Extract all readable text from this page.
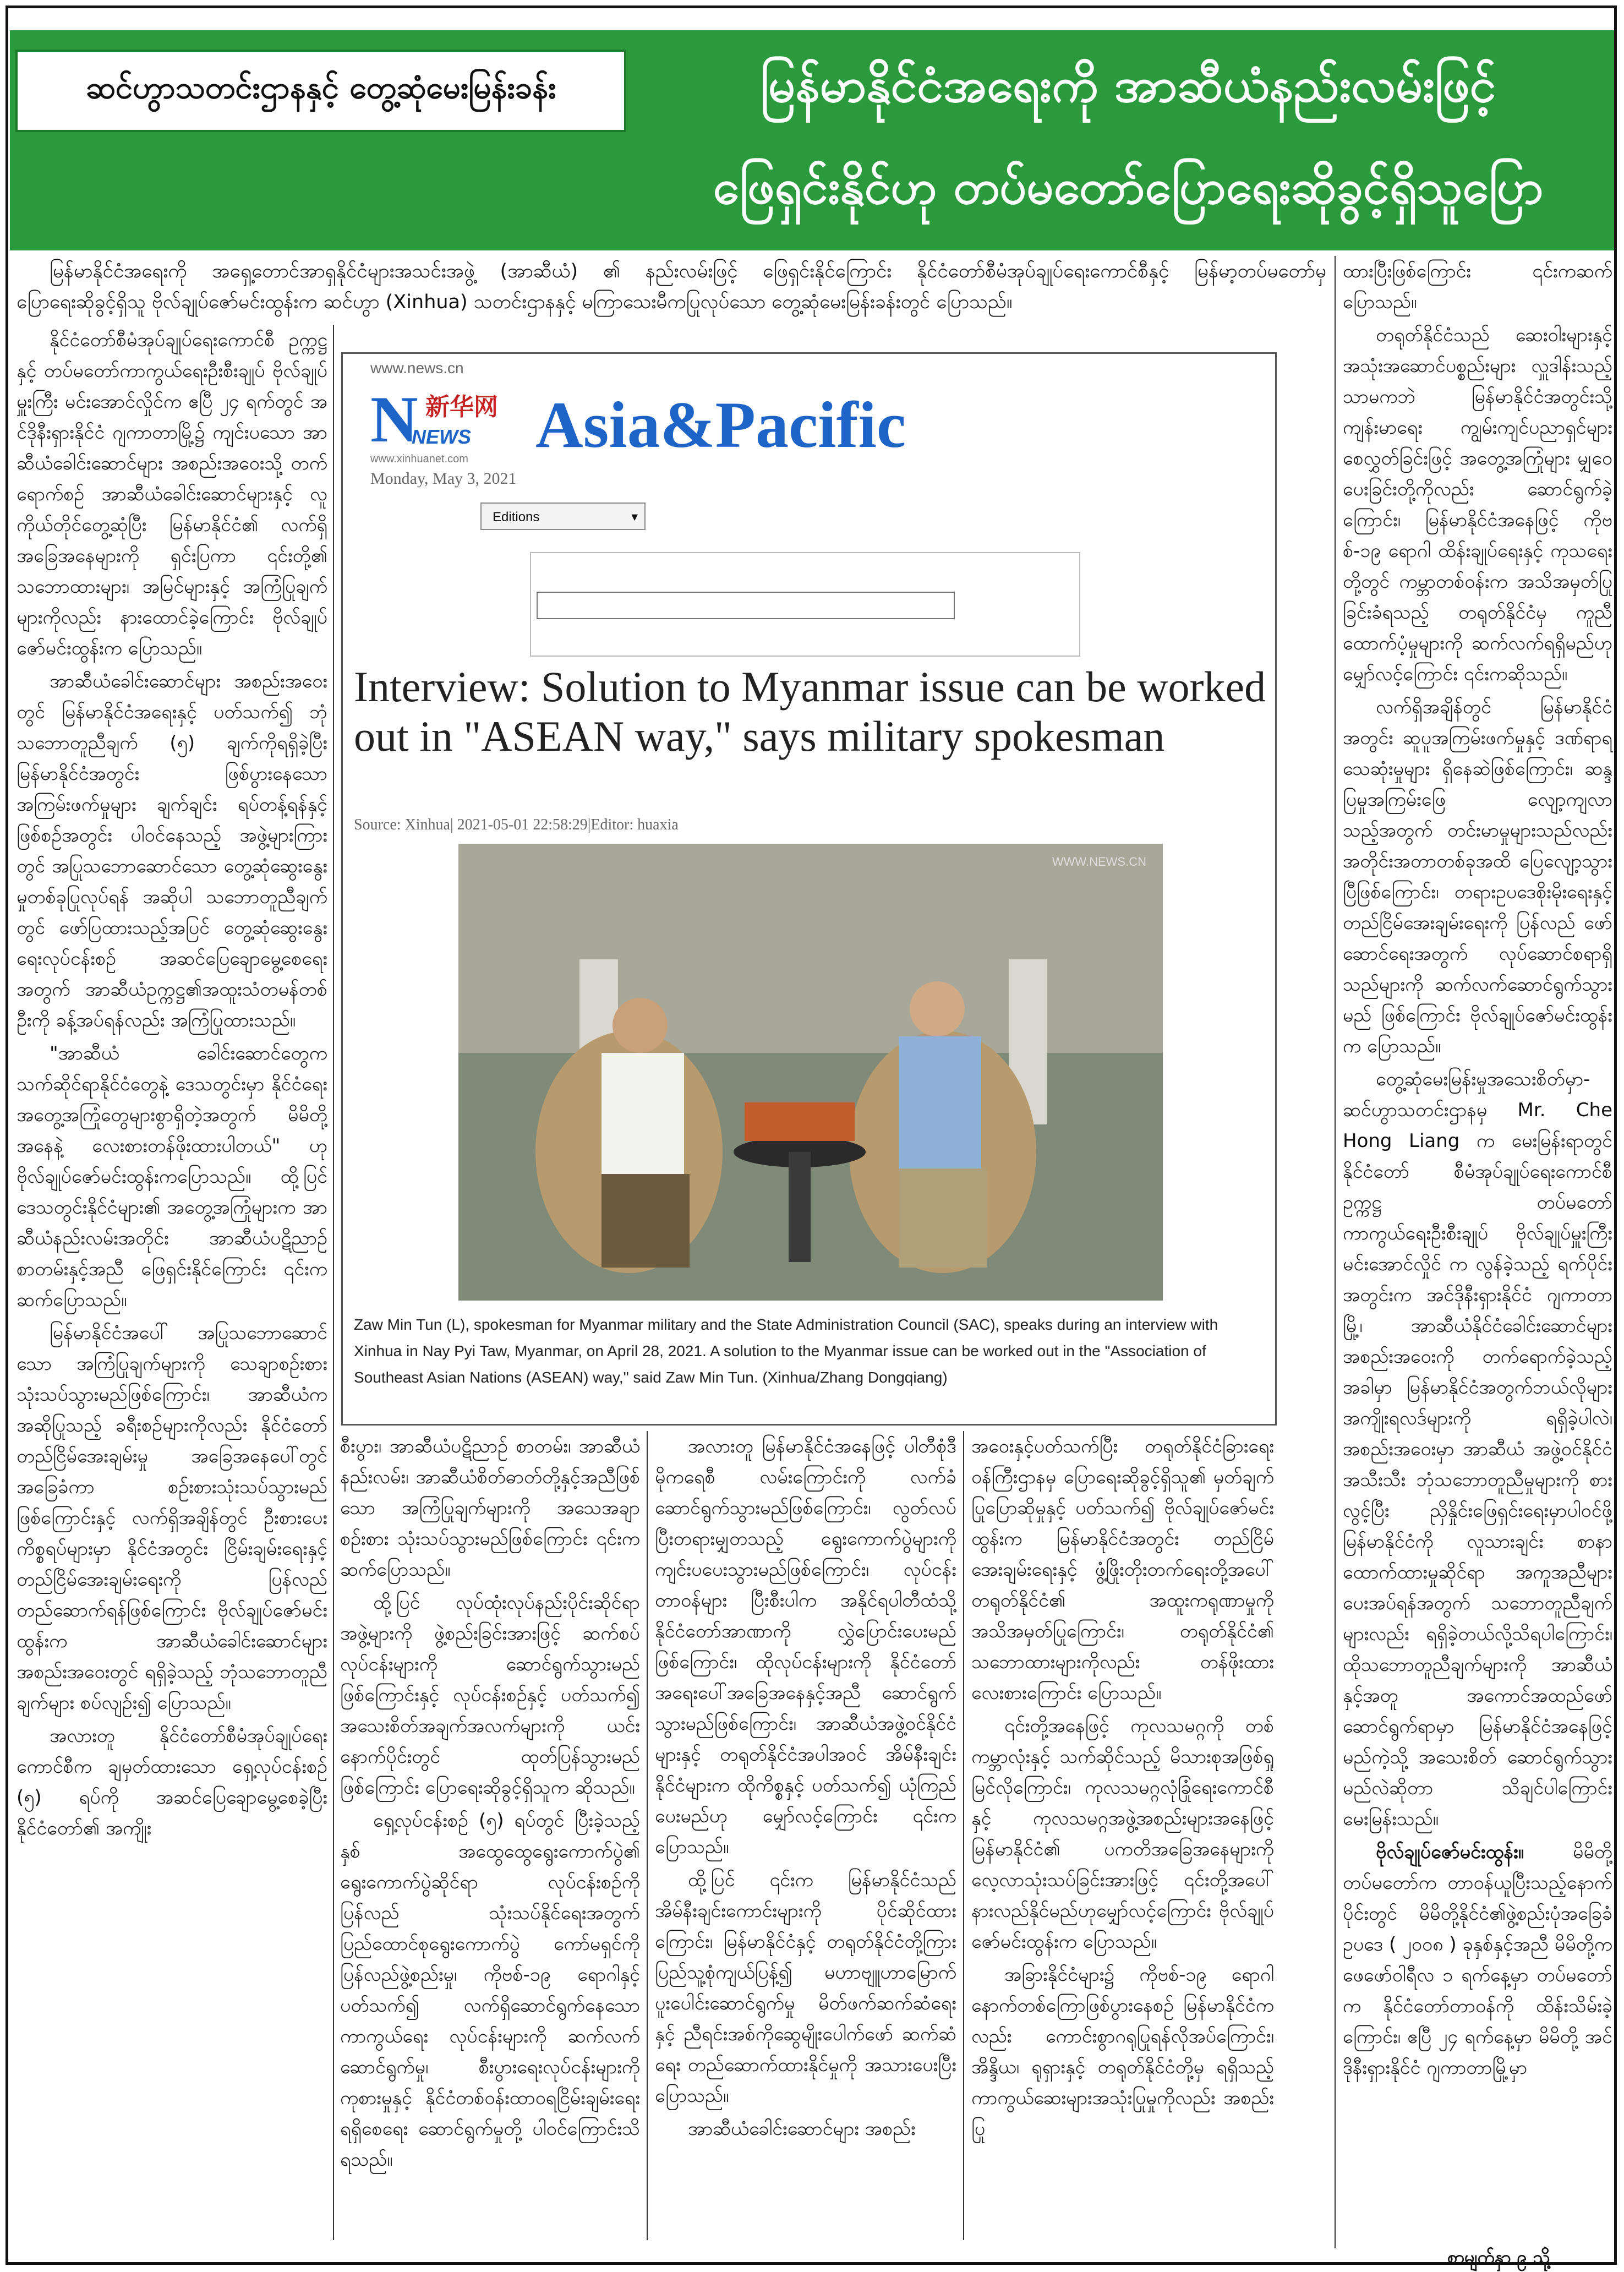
ဆင်ဟွာသတင်းဌာနနှင့် တွေ့ဆုံမေးမြန်းခန်း	မြန်မာနိုင်ငံအရေးကို အာဆီယံနည်းလမ်းဖြင့်
ဖြေရှင်းနိုင်ဟု တပ်မတော်ပြောရေးဆိုခွင့်ရှိသူပြော
မြန်မာနိုင်ငံအရေးကို အရှေ့တောင်အာရှနိုင်ငံများအသင်းအဖွဲ့ (အာဆီယံ) ၏ နည်းလမ်းဖြင့် ဖြေရှင်းနိုင်ကြောင်း နိုင်ငံတော်စီမံအုပ်ချုပ်ရေးကောင်စီနှင့် မြန်မာ့တပ်မတော်မှ ပြောရေးဆိုခွင့်ရှိသူ ဗိုလ်ချုပ်ဇော်မင်းထွန်းက ဆင်ဟွာ (Xinhua) သတင်းဌာနနှင့် မကြာသေးမီကပြုလုပ်သော တွေ့ဆုံမေးမြန်းခန်းတွင် ပြောသည်။

နိုင်ငံတော်စီမံအုပ်ချုပ်ရေးကောင်စီ ဥက္ကဋ္ဌနှင့် တပ်မတော်ကာကွယ်ရေးဦးစီးချုပ် ဗိုလ်ချုပ်မှူးကြီး မင်းအောင်လှိုင်က ဧပြီ ၂၄ ရက်တွင် အင်ဒိုနီးရှားနိုင်ငံ ဂျကာတာမြို့၌ ကျင်းပသော အာဆီယံခေါင်းဆောင်များ အစည်းအဝေးသို့ တက်ရောက်စဉ် အာဆီယံခေါင်းဆောင်များနှင့် လူကိုယ်တိုင်တွေ့ဆုံပြီး မြန်မာနိုင်ငံ၏ လက်ရှိအခြေအနေများကို ရှင်းပြကာ ၎င်းတို့၏ သဘောထားများ၊ အမြင်များနှင့် အကြံပြုချက်များကိုလည်း နားထောင်ခဲ့ကြောင်း ဗိုလ်ချုပ် ဇော်မင်းထွန်းက ပြောသည်။

အာဆီယံခေါင်းဆောင်များ အစည်းအဝေးတွင် မြန်မာနိုင်ငံအရေးနှင့် ပတ်သက်၍ ဘုံသဘောတူညီချက် (၅) ချက်ကိုရရှိခဲ့ပြီး မြန်မာနိုင်ငံအတွင်း ဖြစ်ပွားနေသော အကြမ်းဖက်မှုများ ချက်ချင်း ရပ်တန့်ရန်နှင့် ဖြစ်စဉ်အတွင်း ပါဝင်နေသည့် အဖွဲ့များကြားတွင် အပြုသဘောဆောင်သော တွေ့ဆုံဆွေးနွေးမှုတစ်ခုပြုလုပ်ရန် အဆိုပါ သဘောတူညီချက်တွင် ဖော်ပြထားသည့်အပြင် တွေ့ဆုံဆွေးနွေးရေးလုပ်ငန်းစဉ် အဆင်ပြေချောမွေ့စေရေးအတွက် အာဆီယံဥက္ကဋ္ဌ၏အထူးသံတမန်တစ်ဦးကို ခန့်အပ်ရန်လည်း အကြံပြုထားသည်။

"အာဆီယံ ခေါင်းဆောင်တွေက သက်ဆိုင်ရာနိုင်ငံတွေနဲ့ ဒေသတွင်းမှာ နိုင်ငံရေး အတွေ့အကြုံတွေများစွာရှိတဲ့အတွက် မိမိတို့အနေနဲ့ လေးစားတန်ဖိုးထားပါတယ်" ဟု ဗိုလ်ချုပ်ဇော်မင်းထွန်းကပြောသည်။ ထို့ပြင် ဒေသတွင်းနိုင်ငံများ၏ အတွေ့အကြုံများက အာဆီယံနည်းလမ်းအတိုင်း အာဆီယံပဋိညာဉ် စာတမ်းနှင့်အညီ ဖြေရှင်းနိုင်ကြောင်း ၎င်းကဆက်ပြောသည်။

မြန်မာနိုင်ငံအပေါ် အပြုသဘောဆောင်သော အကြံပြုချက်များကို သေချာစဉ်းစား သုံးသပ်သွားမည်ဖြစ်ကြောင်း၊ အာဆီယံက အဆိုပြုသည့် ခရီးစဉ်များကိုလည်း နိုင်ငံတော်တည်ငြိမ်အေးချမ်းမှု အခြေအနေပေါ်တွင် အခြေခံကာ စဉ်းစားသုံးသပ်သွားမည်ဖြစ်ကြောင်းနှင့် လက်ရှိအချိန်တွင် ဦးစားပေးကိစ္စရပ်များမှာ နိုင်ငံအတွင်း ငြိမ်းချမ်းရေးနှင့် တည်ငြိမ်အေးချမ်းရေးကို ပြန်လည်တည်ဆောက်ရန်ဖြစ်ကြောင်း ဗိုလ်ချုပ်ဇော်မင်းထွန်းက အာဆီယံခေါင်းဆောင်များ အစည်းအဝေးတွင် ရရှိခဲ့သည့် ဘုံသဘောတူညီချက်များ စပ်လျဉ်း၍ ပြောသည်။

အလားတူ နိုင်ငံတော်စီမံအုပ်ချုပ်ရေးကောင်စီက ချမှတ်ထားသော ရှေ့လုပ်ငန်းစဉ် (၅) ရပ်ကို အဆင်ပြေချောမွေ့စေခဲ့ပြီး နိုင်ငံတော်၏ အကျိုး

www.news.cn
N 新华网
NEWS
www.xinhuanet.com
Monday, May 3, 2021
Asia&Pacific
Editions	▼
Interview: Solution to Myanmar issue can be worked out in "ASEAN way," says military spokesman
Source: Xinhua| 2021-05-01 22:58:29|Editor: huaxia
WWW.NEWS.CN
Zaw Min Tun (L), spokesman for Myanmar military and the State Administration Council (SAC), speaks during an interview with Xinhua in Nay Pyi Taw, Myanmar, on April 28, 2021. A solution to the Myanmar issue can be worked out in the "Association of Southeast Asian Nations (ASEAN) way," said Zaw Min Tun. (Xinhua/Zhang Dongqiang)

စီးပွား၊ အာဆီယံပဋိညာဉ် စာတမ်း၊ အာဆီယံနည်းလမ်း၊ အာဆီယံစိတ်ဓာတ်တို့နှင့်အညီဖြစ်သော အကြံပြုချက်များကို အသေအချာစဉ်းစား သုံးသပ်သွားမည်ဖြစ်ကြောင်း ၎င်းကဆက်ပြောသည်။

ထို့ပြင် လုပ်ထုံးလုပ်နည်းပိုင်းဆိုင်ရာ အဖွဲ့များကို ဖွဲ့စည်းခြင်းအားဖြင့် ဆက်စပ်လုပ်ငန်းများကို ဆောင်ရွက်သွားမည်ဖြစ်ကြောင်းနှင့် လုပ်ငန်းစဉ်နှင့် ပတ်သက်၍ အသေးစိတ်အချက်အလက်များကို ယင်းနောက်ပိုင်းတွင် ထုတ်ပြန်သွားမည်ဖြစ်ကြောင်း ပြောရေးဆိုခွင့်ရှိသူက ဆိုသည်။

ရှေ့လုပ်ငန်းစဉ် (၅) ရပ်တွင် ပြီးခဲ့သည့်နှစ် အထွေထွေရွေးကောက်ပွဲ၏ ရွေးကောက်ပွဲဆိုင်ရာ လုပ်ငန်းစဉ်ကို ပြန်လည် သုံးသပ်နိုင်ရေးအတွက် ပြည်ထောင်စုရွေးကောက်ပွဲ ကော်မရှင်ကို ပြန်လည်ဖွဲ့စည်းမှု၊ ကိုဗစ်-၁၉ ရောဂါနှင့်ပတ်သက်၍ လက်ရှိဆောင်ရွက်နေသော ကာကွယ်ရေး လုပ်ငန်းများကို ဆက်လက်ဆောင်ရွက်မှု၊ စီးပွားရေးလုပ်ငန်းများကို ကုစားမှုနှင့် နိုင်ငံတစ်ဝန်းထာဝရငြိမ်းချမ်းရေးရရှိစေရေး ဆောင်ရွက်မှုတို့ ပါဝင်ကြောင်းသိရသည်။

အလားတူ မြန်မာနိုင်ငံအနေဖြင့် ပါတီစုံဒီမိုကရေစီ လမ်းကြောင်းကို လက်ခံ ဆောင်ရွက်သွားမည်ဖြစ်ကြောင်း၊ လွတ်လပ်ပြီးတရားမျှတသည့် ရွေးကောက်ပွဲများကို ကျင်းပပေးသွားမည်ဖြစ်ကြောင်း၊ လုပ်ငန်းတာဝန်များ ပြီးစီးပါက အနိုင်ရပါတီထံသို့ နိုင်ငံတော်အာဏာကို လွှဲပြောင်းပေးမည်ဖြစ်ကြောင်း၊ ထိုလုပ်ငန်းများကို နိုင်ငံတော်အရေးပေါ်အခြေအနေနှင့်အညီ ဆောင်ရွက်သွားမည်ဖြစ်ကြောင်း၊ အာဆီယံအဖွဲ့ဝင်နိုင်ငံများနှင့် တရုတ်နိုင်ငံအပါအဝင် အိမ်နီးချင်းနိုင်ငံများက ထိုကိစ္စနှင့် ပတ်သက်၍ ယုံကြည်ပေးမည်ဟု မျှော်လင့်ကြောင်း ၎င်းကပြောသည်။

ထို့ပြင် ၎င်းက မြန်မာနိုင်ငံသည် အိမ်နီးချင်းကောင်းများကို ပိုင်ဆိုင်ထားကြောင်း၊ မြန်မာနိုင်ငံနှင့် တရုတ်နိုင်ငံတို့ကြား ပြည်သူ့စုံကျယ်ပြန့်၍ မဟာဗျူဟာမြောက် ပူးပေါင်းဆောင်ရွက်မှု မိတ်ဖက်ဆက်ဆံရေးနှင့် ညီရင်းအစ်ကိုဆွေမျိုးပေါက်ဖော် ဆက်ဆံရေး တည်ဆောက်ထားနိုင်မှုကို အသားပေးပြီးပြောသည်။

အာဆီယံခေါင်းဆောင်များ အစည်း

အဝေးနှင့်ပတ်သက်ပြီး တရုတ်နိုင်ငံခြားရေးဝန်ကြီးဌာနမှ ပြောရေးဆိုခွင့်ရှိသူ၏ မှတ်ချက်ပြုပြောဆိုမှုနှင့် ပတ်သက်၍ ဗိုလ်ချုပ်ဇော်မင်းထွန်းက မြန်မာနိုင်ငံအတွင်း တည်ငြိမ်အေးချမ်းရေးနှင့် ဖွံ့ဖြိုးတိုးတက်ရေးတို့အပေါ် တရုတ်နိုင်ငံ၏ အထူးကရုဏာမှုကို အသိအမှတ်ပြုကြောင်း၊ တရုတ်နိုင်ငံ၏ သဘောထားများကိုလည်း တန်ဖိုးထား လေးစားကြောင်း ပြောသည်။

၎င်းတို့အနေဖြင့် ကုလသမဂ္ဂကို တစ်ကမ္ဘာလုံးနှင့် သက်ဆိုင်သည့် မိသားစုအဖြစ်ရှုမြင်လိုကြောင်း၊ ကုလသမဂ္ဂလုံခြုံရေးကောင်စီနှင့် ကုလသမဂ္ဂအဖွဲ့အစည်းများအနေဖြင့် မြန်မာနိုင်ငံ၏ ပကတိအခြေအနေများကို လေ့လာသုံးသပ်ခြင်းအားဖြင့် ၎င်းတို့အပေါ် နားလည်နိုင်မည်ဟုမျှော်လင့်ကြောင်း ဗိုလ်ချုပ်ဇော်မင်းထွန်းက ပြောသည်။

အခြားနိုင်ငံများ၌ ကိုဗစ်-၁၉ ရောဂါနောက်တစ်ကြောဖြစ်ပွားနေစဉ် မြန်မာနိုင်ငံကလည်း ကောင်းစွာဂရုပြုရန်လိုအပ်ကြောင်း၊ အိန္ဒိယ၊ ရုရှားနှင့် တရုတ်နိုင်ငံတို့မှ ရရှိသည့်ကာကွယ်ဆေးများအသုံးပြုမှုကိုလည်း အစည်းပြု

ထားပြီးဖြစ်ကြောင်း ၎င်းကဆက်ပြောသည်။

တရုတ်နိုင်ငံသည် ဆေးဝါးများနှင့် အသုံးအဆောင်ပစ္စည်းများ လှူဒါန်းသည့်သာမကဘဲ မြန်မာနိုင်ငံအတွင်းသို့ ကျန်းမာရေး ကျွမ်းကျင်ပညာရှင်များ စေလွှတ်ခြင်းဖြင့် အတွေ့အကြုံများ မျှဝေပေးခြင်းတို့ကိုလည်း ဆောင်ရွက်ခဲ့ကြောင်း၊ မြန်မာနိုင်ငံအနေဖြင့် ကိုဗစ်-၁၉ ရောဂါ ထိန်းချုပ်ရေးနှင့် ကုသရေးတို့တွင် ကမ္ဘာတစ်ဝန်းက အသိအမှတ်ပြုခြင်းခံရသည့် တရုတ်နိုင်ငံမှ ကူညီထောက်ပံ့မှုများကို ဆက်လက်ရရှိမည်ဟုမျှော်လင့်ကြောင်း ၎င်းကဆိုသည်။

လက်ရှိအချိန်တွင် မြန်မာနိုင်ငံအတွင်း ဆူပူအကြမ်းဖက်မှုနှင့် ဒဏ်ရာရသေဆုံးမှုများ ရှိနေဆဲဖြစ်ကြောင်း၊ ဆန္ဒပြမှုအကြမ်းဖြေ လျော့ကျလာသည့်အတွက် တင်းမာမှုများသည်လည်း အတိုင်းအတာတစ်ခုအထိ ပြေလျော့သွားပြီဖြစ်ကြောင်း၊ တရားဥပဒေစိုးမိုးရေးနှင့် တည်ငြိမ်အေးချမ်းရေးကို ပြန်လည် ဖော်ဆောင်ရေးအတွက် လုပ်ဆောင်စရာရှိသည်များကို ဆက်လက်ဆောင်ရွက်သွားမည် ဖြစ်ကြောင်း ဗိုလ်ချုပ်ဇော်မင်းထွန်းက ပြောသည်။

တွေ့ဆုံမေးမြန်းမှုအသေးစိတ်မှာ- ဆင်ဟွာသတင်းဌာနမှ Mr. Che Hong Liang က မေးမြန်းရာတွင် နိုင်ငံတော် စီမံအုပ်ချုပ်ရေးကောင်စီ ဥက္ကဋ္ဌ တပ်မတော် ကာကွယ်ရေးဦးစီးချုပ် ဗိုလ်ချုပ်မှူးကြီး မင်းအောင်လှိုင် က လွန်ခဲ့သည့် ရက်ပိုင်းအတွင်းက အင်ဒိုနီးရှားနိုင်ငံ ဂျကာတာမြို့၊ အာဆီယံနိုင်ငံခေါင်းဆောင်များ အစည်းအဝေးကို တက်ရောက်ခဲ့သည့်အခါမှာ မြန်မာနိုင်ငံအတွက်ဘယ်လိုများအကျိုးရလဒ်များကို ရရှိခဲ့ပါလဲ၊ အစည်းအဝေးမှာ အာဆီယံ အဖွဲ့ဝင်နိုင်ငံအသီးသီး ဘုံသဘောတူညီမှုများကို စားလွင့်ပြီး ညှိနှိုင်းဖြေရှင်းရေးမှာပါဝင်ဖို့ မြန်မာနိုင်ငံကို လူသားချင်း စာနာထောက်ထားမှုဆိုင်ရာ အကူအညီများ ပေးအပ်ရန်အတွက် သဘောတူညီချက်များလည်း ရရှိခဲ့တယ်လို့သိရပါကြောင်း၊ ထိုသဘောတူညီချက်များကို အာဆီယံနှင့်အတူ အကောင်အထည်ဖော် ဆောင်ရွက်ရာမှာ မြန်မာနိုင်ငံအနေဖြင့် မည်ကဲ့သို့ အသေးစိတ် ဆောင်ရွက်သွားမည်လဲဆိုတာ သိချင်ပါကြောင်း မေးမြန်းသည်။

ဗိုလ်ချုပ်ဇော်မင်းထွန်း။ မိမိတို့ တပ်မတော်က တာဝန်ယူပြီးသည့်နောက်ပိုင်းတွင် မိမိတို့နိုင်ငံ၏ဖွဲ့စည်းပုံအခြေခံဥပဒေ ( ၂၀၀၈ ) ခုနှစ်နှင့်အညီ မိမိတို့က ဖေဖော်ဝါရီလ ၁ ရက်နေ့မှာ တပ်မတော်က နိုင်ငံတော်တာဝန်ကို ထိန်းသိမ်းခဲ့ကြောင်း၊ ဧပြီ ၂၄ ရက်နေ့မှာ မိမိတို့ အင်ဒိုနီးရှားနိုင်ငံ ဂျကာတာမြို့မှာ

စာမျက်နှာ ၉ သို့
